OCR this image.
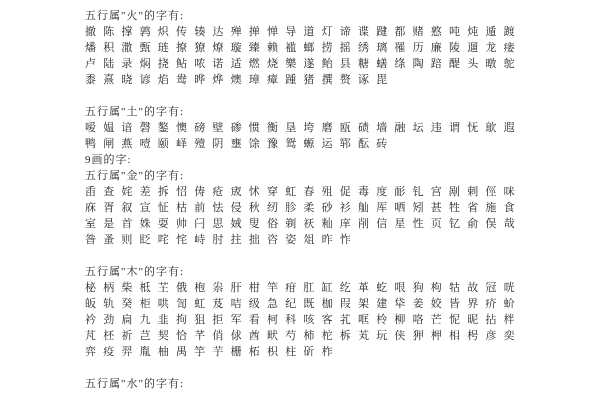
五行属"火"的字有:
撤陈撑鹑炽传辏达殚掸惮导道灯谛谍踺都赌憝吨炖遁踱
燔积潵甄琏撩獠燎璇臻赖褴螂捞摇绣璃罹历廉陵遛龙瘘
卢陆录焖挠鲇哝诺适燃烧樂遂鲐县糖蟮绦陶踣醍头暾鸵
黍熹晓谚焰鸯晔烨燠璋瘴踵猪撰赘诼毘
五行属"土"的字有:
嗳媪谙磬鏊懊磅壁碜惯衡垦垮磨瓯碛墙融坛违谓怃歍遐
鸭闸燕噎颐峄殪阴壅馀豫鸳螈运郓酝砖
9画的字:
五行属"金"的字有:
臿查姹差拆怊俦疮宬怵穿虹春殂促毒度耏钆宫剐剌俓咪
庥胥叙宣怔枯前怯侵秋纫胗柔砂衫舢厍哂矧甚牲省施食
室是首姝耍帅闩思娀叟俗剃祆籼庠削信星性页钇俞俣哉
昝蚤则眨咤㤞峙肘拄拙咨姿俎昨怍
五行属"木"的字有:
柲柄柴柢芏俄枹尜肝柑竿疳肛缸纥革虼哏狗枸牯故冠咣
皈轨癸柜哄訇虹芨咭级急纪既枷叚架建牮姜姣皆界疥蚧
衿劲扃九韭拘狙拒军看柯科咳客芤哐柃柳咯芒怩昵拈柈
芃柸祈芑契恰芊俏俅酋畎芍柿柁柝芄玩侠狎柙相枵彦奕
弈疫羿胤柚禺竽芋栅柘枳柱斫柞
五行属"水"的字有:
